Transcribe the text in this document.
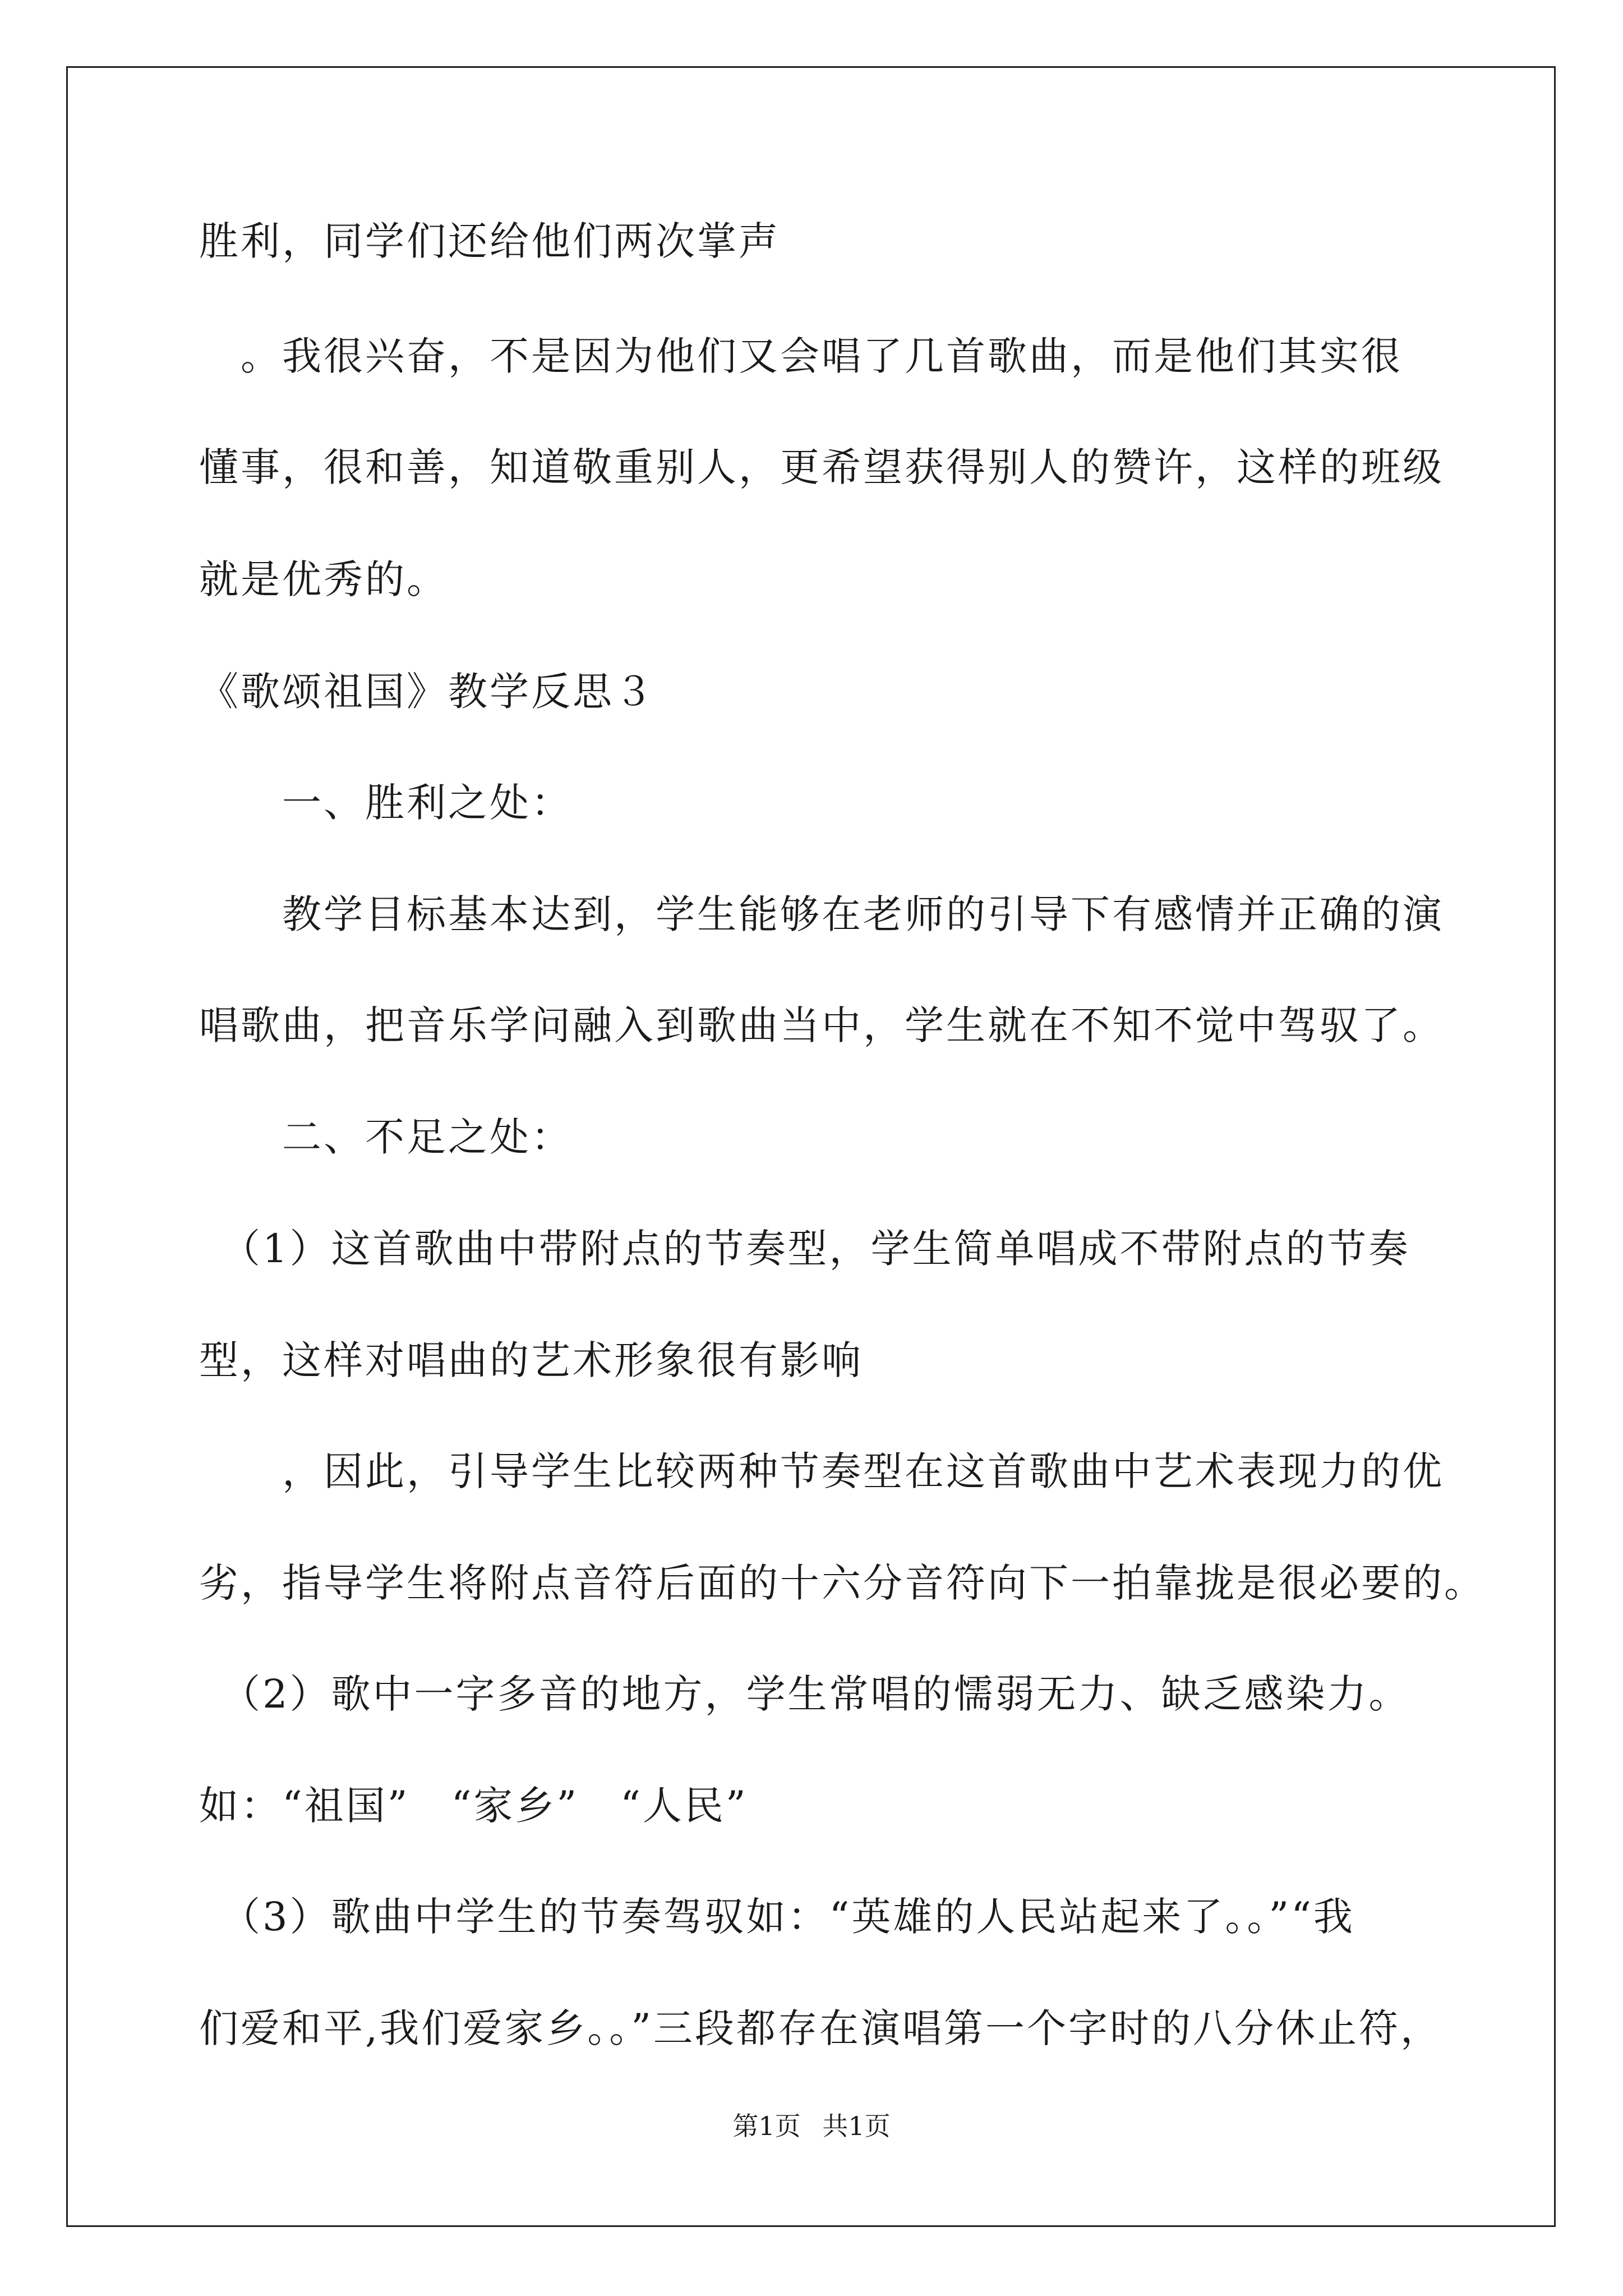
胜利，同学们还给他们两次掌声
　。我很兴奋，不是因为他们又会唱了几首歌曲，而是他们其实很
懂事，很和善，知道敬重别人，更希望获得别人的赞许，这样的班级
就是优秀的。
《歌颂祖国》教学反思３
　　一、胜利之处：
　　教学目标基本达到，学生能够在老师的引导下有感情并正确的演
唱歌曲，把音乐学问融入到歌曲当中，学生就在不知不觉中驾驭了。
　　二、不足之处：
　（1）这首歌曲中带附点的节奏型，学生简单唱成不带附点的节奏
型，这样对唱曲的艺术形象很有影响
　　，因此，引导学生比较两种节奏型在这首歌曲中艺术表现力的优
劣，指导学生将附点音符后面的十六分音符向下一拍靠拢是很必要的。
　（2）歌中一字多音的地方，学生常唱的懦弱无力、缺乏感染力。
如：“祖国”　“家乡”　“人民”
　（3）歌曲中学生的节奏驾驭如：“英雄的人民站起来了。。”“我
们爱和平,我们爱家乡。。”三段都存在演唱第一个字时的八分休止符，
第1页 共1页
